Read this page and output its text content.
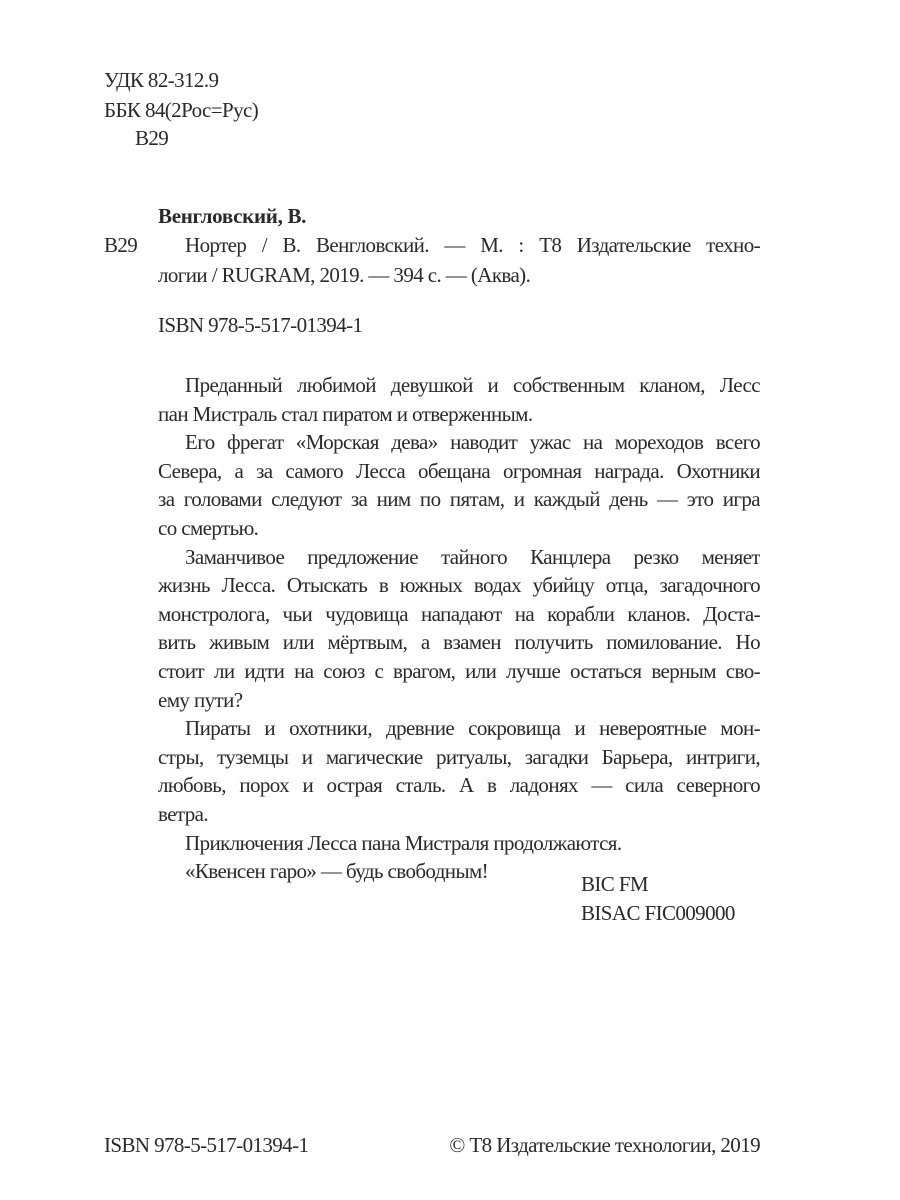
УДК 82-312.9
ББК 84(2Рос=Рус)
В29
Венгловский, В.
В29 Нортер / В. Венгловский. — М. : Т8 Издательские техно-
логии / RUGRAM, 2019. — 394 с. — (Аква).
ISBN 978-5-517-01394-1
Преданный любимой девушкой и собственным кланом, Лесс
пан Мистраль стал пиратом и отверженным.
Его фрегат «Морская дева» наводит ужас на мореходов всего
Севера, а за самого Лесса обещана огромная награда. Охотники
за головами следуют за ним по пятам, и каждый день — это игра
со смертью.
Заманчивое предложение тайного Канцлера резко меняет
жизнь Лесса. Отыскать в южных водах убийцу отца, загадочного
монстролога, чьи чудовища нападают на корабли кланов. Доста-
вить живым или мёртвым, а взамен получить помилование. Но
стоит ли идти на союз с врагом, или лучше остаться верным сво-
ему пути?
Пираты и охотники, древние сокровища и невероятные мон-
стры, туземцы и магические ритуалы, загадки Барьера, интриги,
любовь, порох и острая сталь. А в ладонях — сила северного
ветра.
Приключения Лесса пана Мистраля продолжаются.
«Квенсен гаро» — будь свободным!
BIC FM
BISAC FIC009000
ISBN 978-5-517-01394-1	© Т8 Издательские технологии, 2019
